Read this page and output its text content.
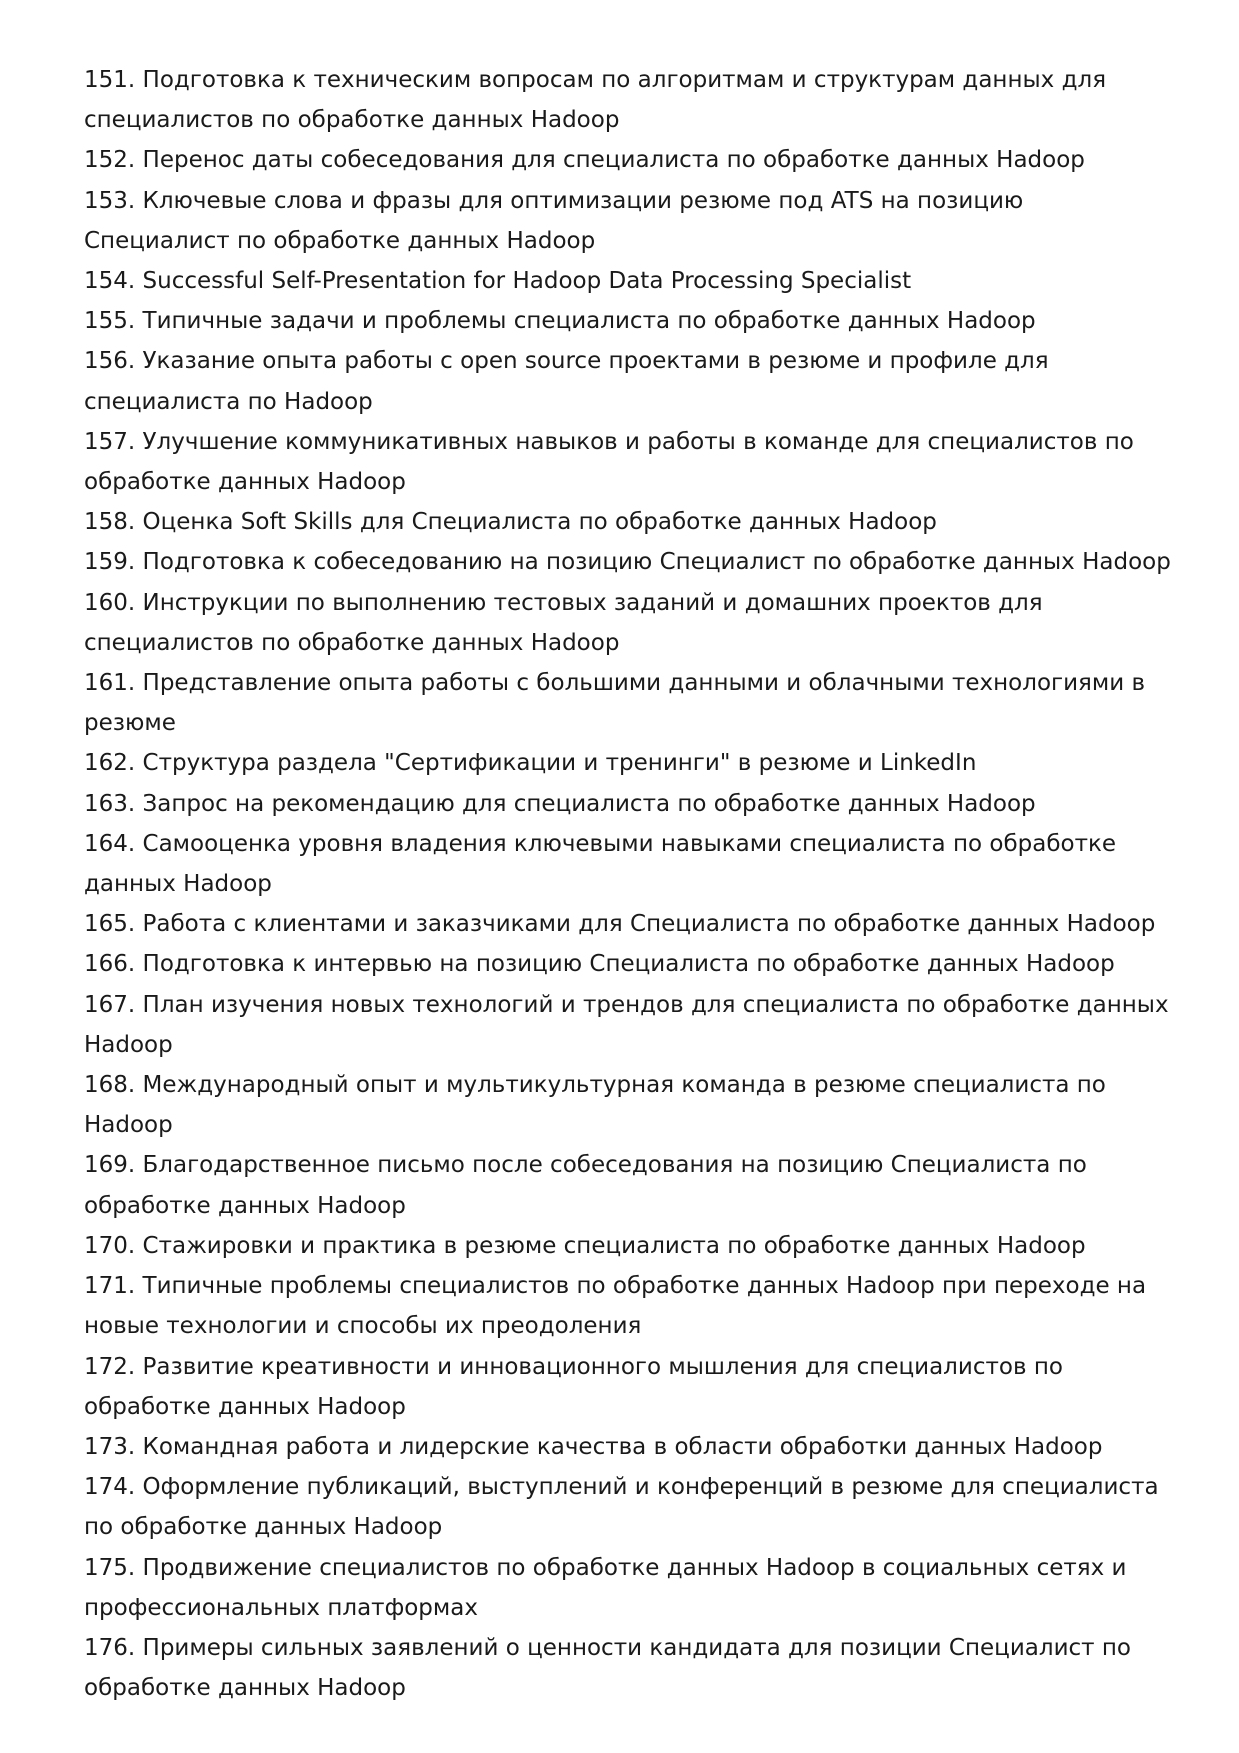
151. Подготовка к техническим вопросам по алгоритмам и структурам данных для специалистов по обработке данных Hadoop
152. Перенос даты собеседования для специалиста по обработке данных Hadoop
153. Ключевые слова и фразы для оптимизации резюме под ATS на позицию Специалист по обработке данных Hadoop
154. Successful Self-Presentation for Hadoop Data Processing Specialist
155. Типичные задачи и проблемы специалиста по обработке данных Hadoop
156. Указание опыта работы с open source проектами в резюме и профиле для специалиста по Hadoop
157. Улучшение коммуникативных навыков и работы в команде для специалистов по обработке данных Hadoop
158. Оценка Soft Skills для Специалиста по обработке данных Hadoop
159. Подготовка к собеседованию на позицию Специалист по обработке данных Hadoop
160. Инструкции по выполнению тестовых заданий и домашних проектов для специалистов по обработке данных Hadoop
161. Представление опыта работы с большими данными и облачными технологиями в резюме
162. Структура раздела "Сертификации и тренинги" в резюме и LinkedIn
163. Запрос на рекомендацию для специалиста по обработке данных Hadoop
164. Самооценка уровня владения ключевыми навыками специалиста по обработке данных Hadoop
165. Работа с клиентами и заказчиками для Специалиста по обработке данных Hadoop
166. Подготовка к интервью на позицию Специалиста по обработке данных Hadoop
167. План изучения новых технологий и трендов для специалиста по обработке данных Hadoop
168. Международный опыт и мультикультурная команда в резюме специалиста по Hadoop
169. Благодарственное письмо после собеседования на позицию Специалиста по обработке данных Hadoop
170. Стажировки и практика в резюме специалиста по обработке данных Hadoop
171. Типичные проблемы специалистов по обработке данных Hadoop при переходе на новые технологии и способы их преодоления
172. Развитие креативности и инновационного мышления для специалистов по обработке данных Hadoop
173. Командная работа и лидерские качества в области обработки данных Hadoop
174. Оформление публикаций, выступлений и конференций в резюме для специалиста по обработке данных Hadoop
175. Продвижение специалистов по обработке данных Hadoop в социальных сетях и профессиональных платформах
176. Примеры сильных заявлений о ценности кандидата для позиции Специалист по обработке данных Hadoop
